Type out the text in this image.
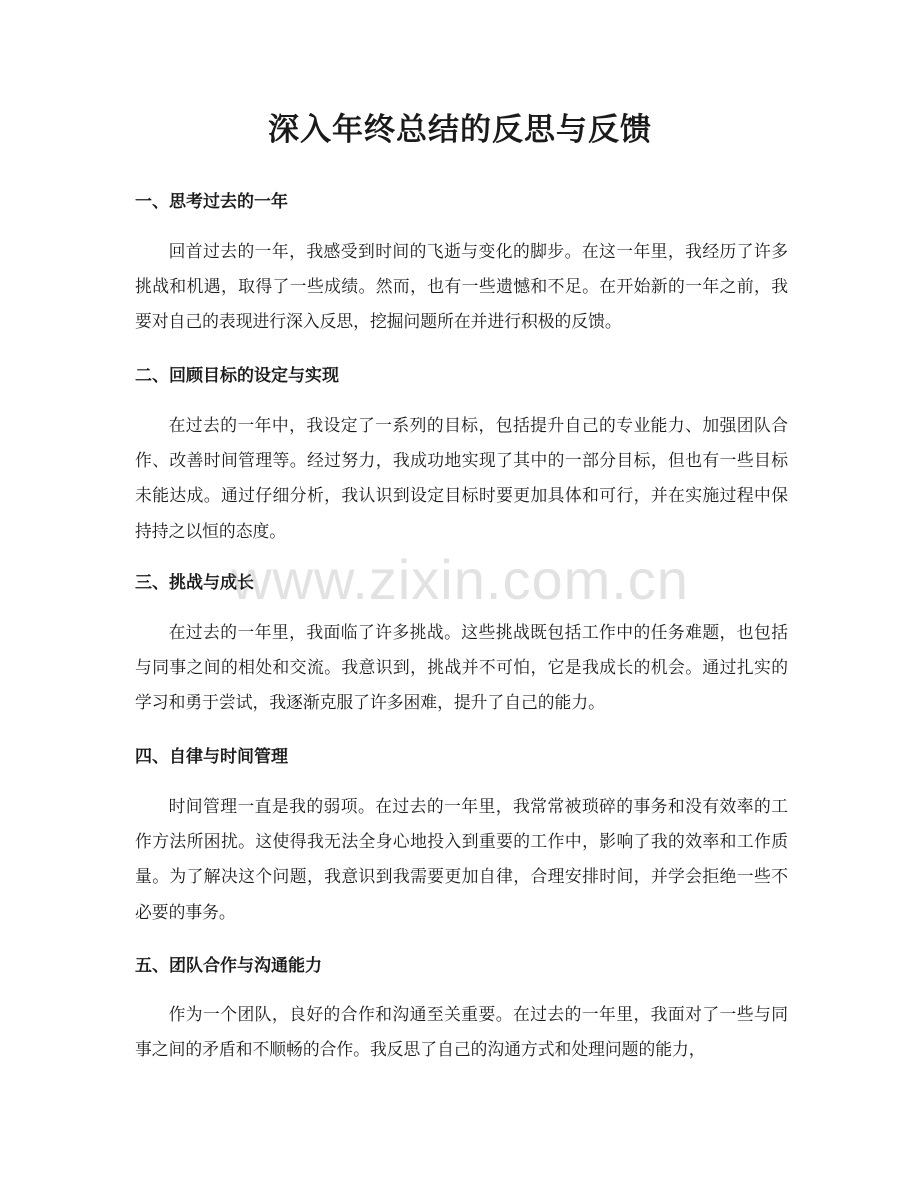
深入年终总结的反思与反馈
一、思考过去的一年

回首过去的一年，我感受到时间的飞逝与变化的脚步。在这一年里，我经历了许多挑战和机遇，取得了一些成绩。然而，也有一些遗憾和不足。在开始新的一年之前，我要对自己的表现进行深入反思，挖掘问题所在并进行积极的反馈。

二、回顾目标的设定与实现

在过去的一年中，我设定了一系列的目标，包括提升自己的专业能力、加强团队合作、改善时间管理等。经过努力，我成功地实现了其中的一部分目标，但也有一些目标未能达成。通过仔细分析，我认识到设定目标时要更加具体和可行，并在实施过程中保持持之以恒的态度。

三、挑战与成长

在过去的一年里，我面临了许多挑战。这些挑战既包括工作中的任务难题，也包括与同事之间的相处和交流。我意识到，挑战并不可怕，它是我成长的机会。通过扎实的学习和勇于尝试，我逐渐克服了许多困难，提升了自己的能力。

四、自律与时间管理

时间管理一直是我的弱项。在过去的一年里，我常常被琐碎的事务和没有效率的工作方法所困扰。这使得我无法全身心地投入到重要的工作中，影响了我的效率和工作质量。为了解决这个问题，我意识到我需要更加自律，合理安排时间，并学会拒绝一些不必要的事务。

五、团队合作与沟通能力

作为一个团队，良好的合作和沟通至关重要。在过去的一年里，我面对了一些与同事之间的矛盾和不顺畅的合作。我反思了自己的沟通方式和处理问题的能力，

www.zixin.com.cn
